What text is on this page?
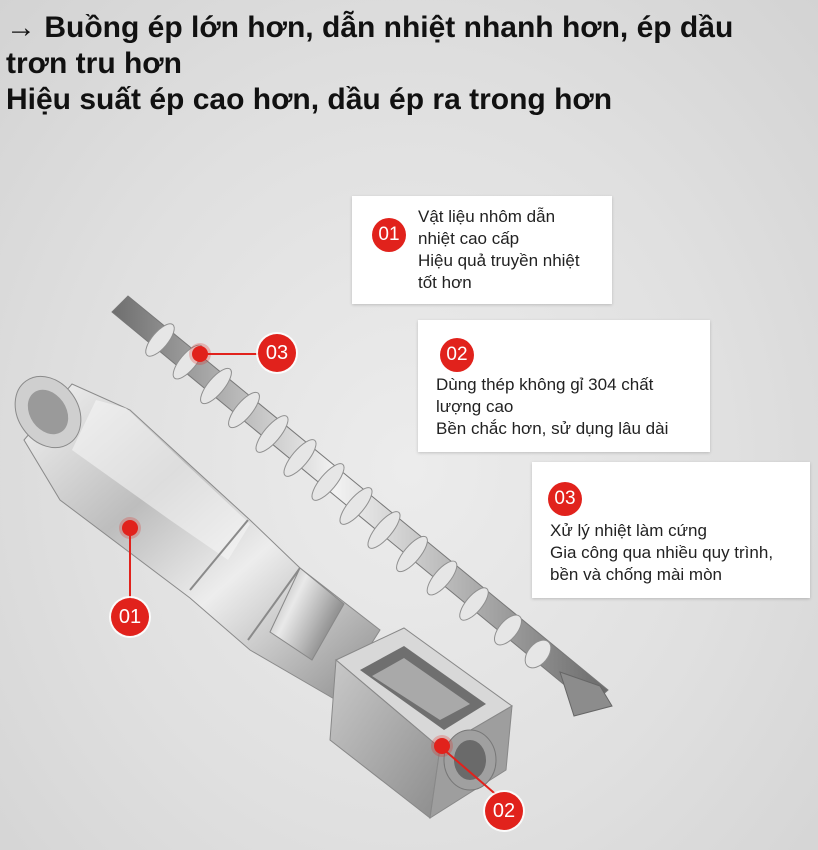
→ Buồng ép lớn hơn, dẫn nhiệt nhanh hơn, ép dầu
trơn tru hơn
Hiệu suất ép cao hơn, dầu ép ra trong hơn
03
01
02
01
Vật liệu nhôm dẫn
nhiệt cao cấp
Hiệu quả truyền nhiệt
tốt hơn
02
Dùng thép không gỉ 304 chất
lượng cao
Bền chắc hơn, sử dụng lâu dài
03
Xử lý nhiệt làm cứng
Gia công qua nhiều quy trình,
bền và chống mài mòn
